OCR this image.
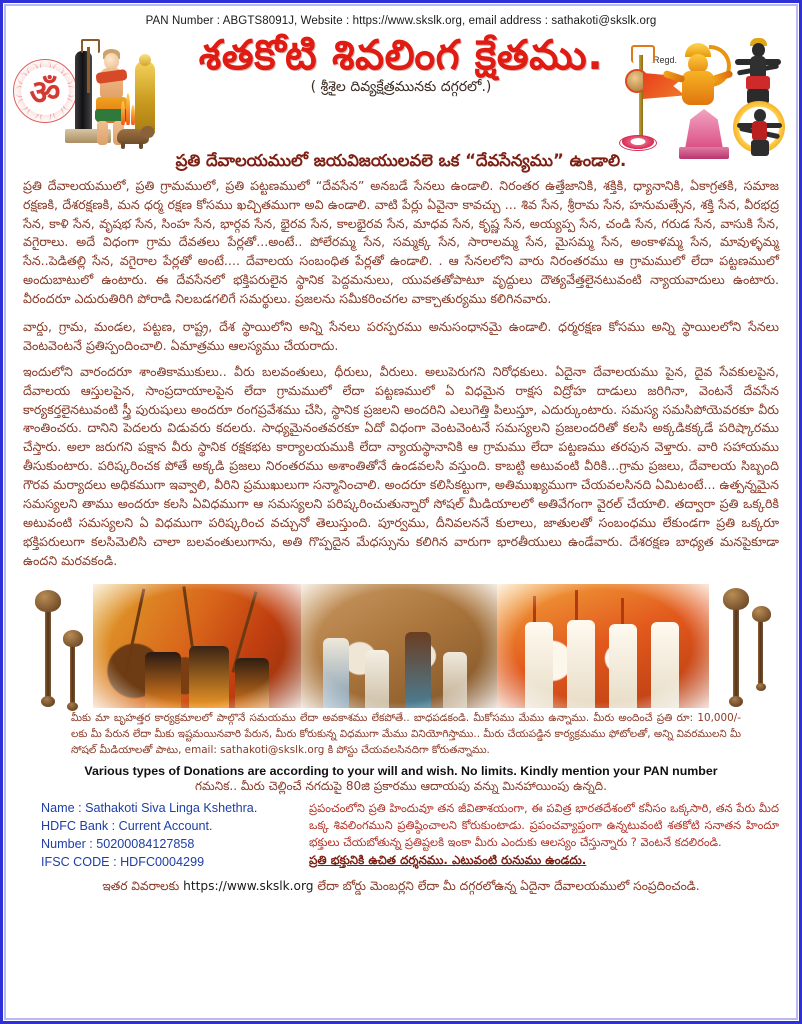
PAN Number : ABGTS8091J, Website : https://www.skslk.org, email address : sathakoti@skslk.org
ॐ
శతకోటి శివలింగ క్షేతము.
( శ్రీశైల దివ్యక్షేత్రమునకు దగ్గరలో.)
Regd.
ప్రతి దేవాలయములో జయవిజయులవలె ఒక “దేవసేన్యము” ఉండాలి.

ప్రతి దేవాలయములో, ప్రతి గ్రామములో, ప్రతి పట్టణములో “దేవసేన” అనబడే సేనలు ఉండాలి. నిరంతర ఉత్తేజానికి, శక్తికి, ధ్యానానికి, ఏకాగ్రతకి, సమాజ రక్షణకి, దేశరక్షణకి, మన ధర్మ రక్షణ కోసము ఖచ్చితముగా అవి ఉండాలి. వాటి పేర్లు ఏవైనా కావచ్చు ... శివ సేన, శ్రీరామ సేన, హనుమత్సేన, శక్తి సేన, వీరభద్ర సేన, కాళి సేన, వృషభ సేన, సింహ సేన, భార్గవ సేన, భైరవ సేన, కాలభైరవ సేన, మాధవ సేన, కృష్ణ సేన, అయ్యప్ప సేన, చండి సేన, గరుడ సేన, వాసుకి సేన, వగైరాలు. అదే విధంగా గ్రామ దేవతలు పేర్లతో...అంటే.. పోలేరమ్మ సేన, సమ్మక్క సేన, సారాలమ్మ సేన, మైసమ్మ సేన, అంకాళమ్మ సేన, మావుళ్ళమ్మ సేన..పెడితల్లి సేన, వగైరాల పేర్లతో అంటే.... దేవాలయ సంబంధిత పేర్లతో ఉండాలి. . ఆ సేనలలోని వారు నిరంతరము ఆ గ్రామములో లేదా పట్టణములో అందుబాటులో ఉంటారు. ఈ దేవసేనలో భక్తిపరులైన స్థానిక పెద్దమనులు, యువతతోపాటూ వృద్దులు దౌత్యవేత్తలైనటువంటి న్యాయవాదులు ఉంటారు. వీరందరూ ఎదురుతిరిగి పోరాడి నిలబడగలిగే సమర్థులు. ప్రజలను సమీకరించగల వాక్చాతుర్యము కలిగినవారు.

వార్డు, గ్రామ, మండల, పట్టణ, రాష్ట్ర, దేశ స్థాయిలోని అన్ని సేనలు పరస్పరము అనుసంధానమై ఉండాలి. ధర్మరక్షణ కోసము అన్ని స్థాయిలలోని సేనలు వెంటవెంటనే ప్రతిస్పందించాలి. ఏమాత్రము ఆలస్యము చేయరాదు.

ఇందులోని వారందరూ శాంతికాముకులు.. వీరు బలవంతులు, ధీరులు, వీరులు. అలుపెరుగని నిరోధకులు. ఏదైనా దేవాలయము పైన, దైవ సేవకులపైన, దేవాలయ ఆస్తులపైన, సాంప్రదాయాలపైన లేదా గ్రామములో లేదా పట్టణములో ఏ విధమైన రాక్షస విద్రోహ దాడులు జరిగినా, వెంటనే దేవసేన కార్యకర్తలైనటువంటి స్త్రీ పురుషులు అందరూ రంగప్రవేశము చేసి, స్థానిక ప్రజలని అందరిని ఎలుగెత్తి పిలుస్తూ, ఎదుర్కుంటారు. సమస్య సమసిపోయెవరకూ వీరు శాంతించరు. దానిని పెదలరు విడువరు కదలరు. సాధ్యమైనంతవరకూ ఏదో విధంగా వెంటవెంటనే సమస్యలని ప్రజలందరితో కలసి అక్కడికక్కడే పరిష్కారము చేస్తారు. అలా జరుగని పక్షాన వీరు స్థానిక రక్షకభట కార్యాలయముకి లేదా న్యాయస్థానానికి ఆ గ్రామము లేదా పట్టణము తరపున వెళ్తారు. వారి సహాయము తీసుకుంటారు. పరిష్కరించక పోతే అక్కడి ప్రజలు నిరంతరము అశాంతితోనే ఉండవలసి వస్తుంది. కాబట్టి అటువంటి వీరికి...గ్రామ ప్రజలు, దేవాలయ సిబ్బంది గౌరవ మర్యాదలు అధికముగా ఇవ్వాలి, వీరిని ప్రముఖులుగా సన్మానించాలి. అందరూ కలిసికట్టుగా, అతిముఖ్యముగా చేయవలసినది ఏమిటంటే... ఉత్పన్నమైన సమస్యలని తాము అందరూ కలసి ఏవిధముగా ఆ సమస్యలని పరిష్కరించుతున్నారో సోషల్ మీడియాలలో అతివేగంగా వైరల్ చేయాలి. తద్వారా ప్రతి ఒక్కరికి అటువంటి సమస్యలని ఏ విధముగా పరిష్కరించ వచ్చునో తెలుస్తుంది. పూర్వము, దీనివలననే కులాలు, జాతులతో సంబంధము లేకుండగా ప్రతి ఒక్కరూ భక్తిపరులుగా కలసిమెలిసి చాలా బలవంతులుగాను, అతి గొప్పదైన మేధస్సును కలిగిన వారుగా భారతీయులు ఉండేవారు. దేశరక్షణ బాధ్యత మనపైకూడా ఉందని మరవకండి.

మీకు మా బృహత్తర కార్యక్రమాలలో పాల్గొనే సమయము లేదా అవకాశము లేకపోతే.. బాధపడకండి. మీకోసము మేము ఉన్నాము. మీరు అందించే ప్రతి రూ: 10,000/- లకు మీ పేరున లేదా మీకు ఇష్టమయినవారి పేరున, మీరు కోరుకున్న విధముగా మేము వినియోగిస్తాము.. మీరు చేయపడ్డిన కార్యక్రమము ఫోటోలతో, అన్ని వివరములని మీ సోషల్ మీడియాలతో పాటు, email: sathakoti@skslk.org కి పోస్టు చేయవలసినదిగా కోరుతన్నాము.
Various types of Donations are according to your will and wish. No limits. Kindly mention your PAN number
గమనిక.. మీరు చెల్లించే నగదుపై 80జి ప్రకారము ఆదాయపు వన్ను మినహాయింపు ఉన్నది.
Name : Sathakoti Siva Linga Kshethra.
HDFC Bank : Current Account.
Number : 50200084127858
IFSC CODE : HDFC0004299
ప్రపంచంలోని ప్రతి హిందువూ తన జీవితాశయంగా, ఈ పవిత్ర భారతదేశంలో కనీసం ఒక్కసారి, తన పేరు మీద ఒక్క శివలింగముని ప్రతిష్ఠించాలని కోరుకుంటాడు. ప్రపంచవ్యాప్తంగా ఉన్నటువంటి శతకోటి సనాతన హిందూ భక్తులు చేయబోతున్న ప్రతిష్టలకి ఇంకా మీరు ఎందుకు ఆలస్యం చేస్తున్నారు ? వెంటనే కదలిరండి.
ప్రతి భక్తునికి ఉచిత దర్శనము. ఎటువంటి రునుము ఉండదు.
ఇతర వివరాలకు https://www.skslk.org లేదా బోర్డు మెంబర్లని లేదా మీ దగ్గరలోఉన్న ఏదైనా దేవాలయములో సంప్రదించండి.
